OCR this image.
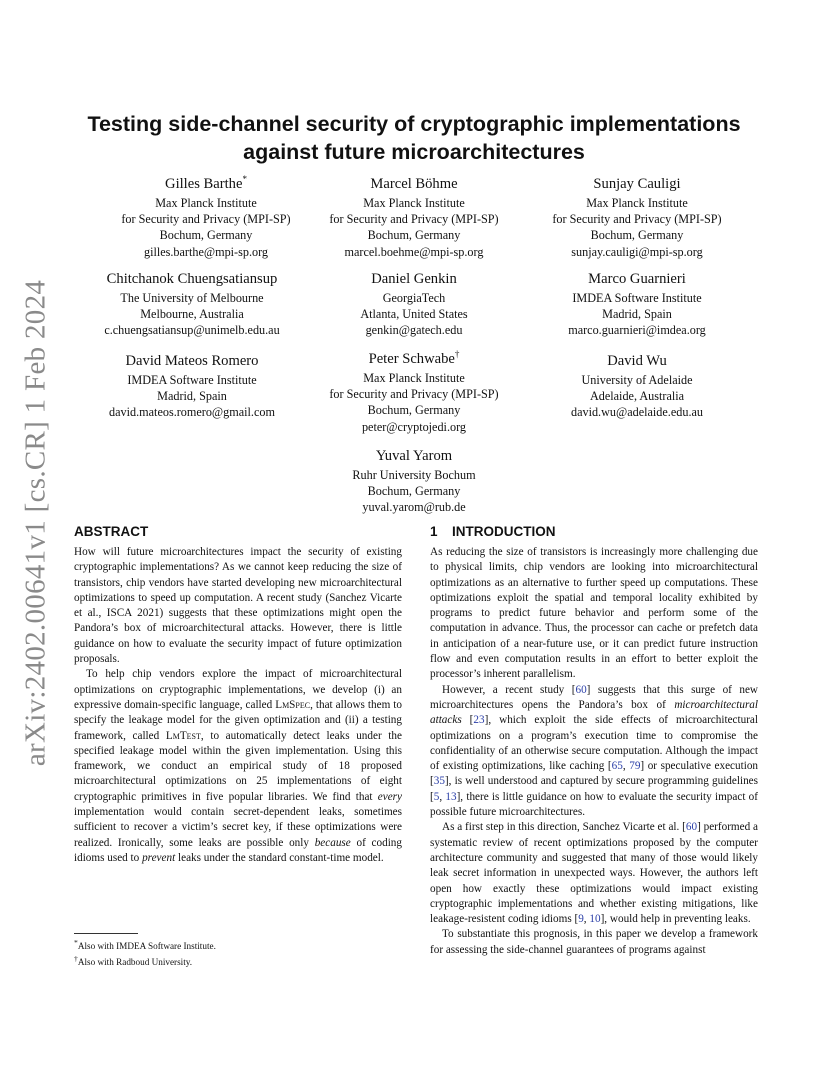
arXiv:2402.00641v1 [cs.CR] 1 Feb 2024
Testing side-channel security of cryptographic implementations
against future microarchitectures
Gilles Barthe*
Max Planck Institute
for Security and Privacy (MPI-SP)
Bochum, Germany
gilles.barthe@mpi-sp.org
Marcel Böhme
Max Planck Institute
for Security and Privacy (MPI-SP)
Bochum, Germany
marcel.boehme@mpi-sp.org
Sunjay Cauligi
Max Planck Institute
for Security and Privacy (MPI-SP)
Bochum, Germany
sunjay.cauligi@mpi-sp.org
Chitchanok Chuengsatiansup
The University of Melbourne
Melbourne, Australia
c.chuengsatiansup@unimelb.edu.au
Daniel Genkin
GeorgiaTech
Atlanta, United States
genkin@gatech.edu
Marco Guarnieri
IMDEA Software Institute
Madrid, Spain
marco.guarnieri@imdea.org
David Mateos Romero
IMDEA Software Institute
Madrid, Spain
david.mateos.romero@gmail.com
Peter Schwabe†
Max Planck Institute
for Security and Privacy (MPI-SP)
Bochum, Germany
peter@cryptojedi.org
David Wu
University of Adelaide
Adelaide, Australia
david.wu@adelaide.edu.au
Yuval Yarom
Ruhr University Bochum
Bochum, Germany
yuval.yarom@rub.de
ABSTRACT

How will future microarchitectures impact the security of existing cryptographic implementations? As we cannot keep reducing the size of transistors, chip vendors have started developing new microarchitectural optimizations to speed up computation. A recent study (Sanchez Vicarte et al., ISCA 2021) suggests that these optimizations might open the Pandora’s box of microarchitectural attacks. However, there is little guidance on how to evaluate the security impact of future optimization proposals.

To help chip vendors explore the impact of microarchitectural optimizations on cryptographic implementations, we develop (i) an expressive domain-specific language, called LmSpec, that allows them to specify the leakage model for the given optimization and (ii) a testing framework, called LmTest, to automatically detect leaks under the specified leakage model within the given implementation. Using this framework, we conduct an empirical study of 18 proposed microarchitectural optimizations on 25 implementations of eight cryptographic primitives in five popular libraries. We find that every implementation would contain secret-dependent leaks, sometimes sufficient to recover a victim’s secret key, if these optimizations were realized. Ironically, some leaks are possible only because of coding idioms used to prevent leaks under the standard constant-time model.

1 INTRODUCTION

As reducing the size of transistors is increasingly more challenging due to physical limits, chip vendors are looking into microarchitectural optimizations as an alternative to further speed up computations. These optimizations exploit the spatial and temporal locality exhibited by programs to predict future behavior and perform some of the computation in advance. Thus, the processor can cache or prefetch data in anticipation of a near-future use, or it can predict future instruction flow and even computation results in an effort to better exploit the processor’s inherent parallelism.

However, a recent study [60] suggests that this surge of new microarchitectures opens the Pandora’s box of microarchitectural attacks [23], which exploit the side effects of microarchitectural optimizations on a program’s execution time to compromise the confidentiality of an otherwise secure computation. Although the impact of existing optimizations, like caching [65, 79] or speculative execution [35], is well understood and captured by secure programming guidelines [5, 13], there is little guidance on how to evaluate the security impact of possible future microarchitectures.

As a first step in this direction, Sanchez Vicarte et al. [60] performed a systematic review of recent optimizations proposed by the computer architecture community and suggested that many of those would likely leak secret information in unexpected ways. However, the authors left open how exactly these optimizations would impact existing cryptographic implementations and whether existing mitigations, like leakage-resistent coding idioms [9, 10], would help in preventing leaks.

To substantiate this prognosis, in this paper we develop a framework for assessing the side-channel guarantees of programs against

*Also with IMDEA Software Institute.
†Also with Radboud University.
